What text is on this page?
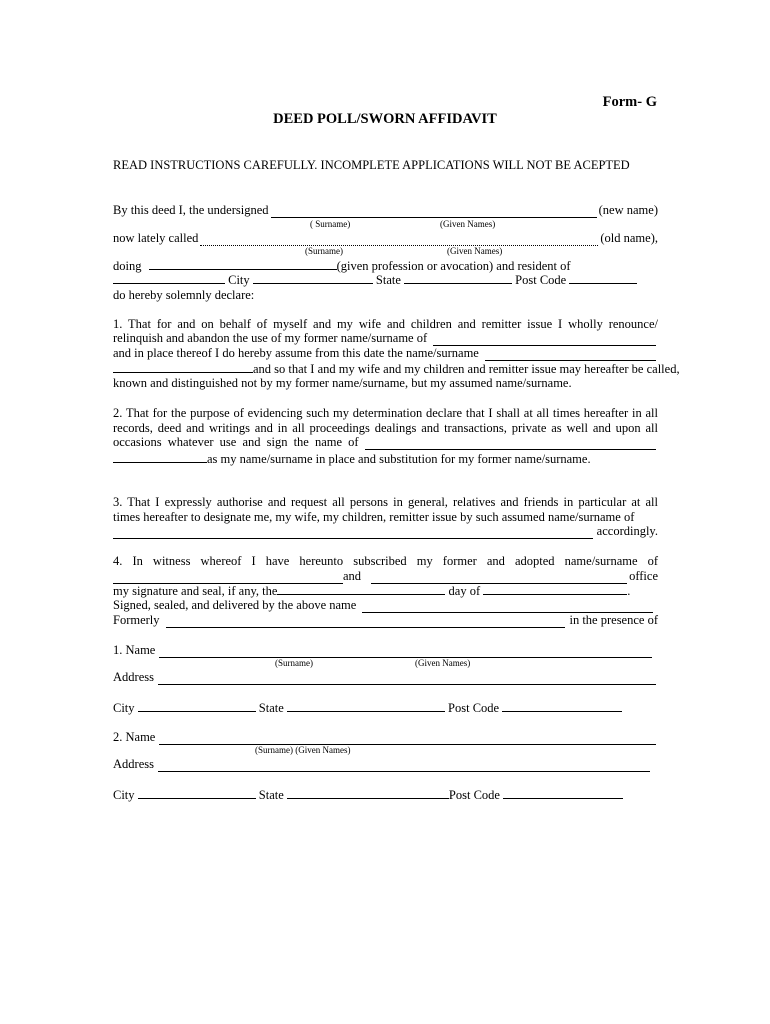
Form- G
DEED POLL/SWORN AFFIDAVIT
READ INSTRUCTIONS CAREFULLY. INCOMPLETE APPLICATIONS WILL NOT BE ACEPTED
By this deed I, the undersigned	(new name)
( Surname)	(Given Names)
now lately called	(old name),
(Surname)	(Given Names)
doing	(given profession or avocation) and resident of
City	State	Post Code
do hereby solemnly declare:
1. That for and on behalf of myself and my wife and children and remitter issue I wholly renounce/
relinquish and abandon the use of my former name/surname of
and in place thereof I do hereby assume from this date the name/surname
and so that I and my wife and my children and remitter issue may hereafter be called,
known and distinguished not by my former name/surname, but my assumed name/surname.
2. That for the purpose of evidencing such my determination declare that I shall at all times hereafter in all
records, deed and writings and in all proceedings dealings and transactions, private as well and upon all
occasions whatever use and sign the name of
as my name/surname in place and substitution for my former name/surname.
3. That I expressly authorise and request all persons in general, relatives and friends in particular at all
times hereafter to designate me, my wife, my children, remitter issue by such assumed name/surname of
accordingly.
4. In witness whereof I have hereunto subscribed my former and adopted name/surname of
and	office
my signature and seal, if any, the	day of	.
Signed, sealed, and delivered by the above name
Formerly	in the presence of
1. Name
(Surname)	(Given Names)
Address
City	State	Post Code
2. Name
(Surname) (Given Names)
Address
City	State	Post Code
